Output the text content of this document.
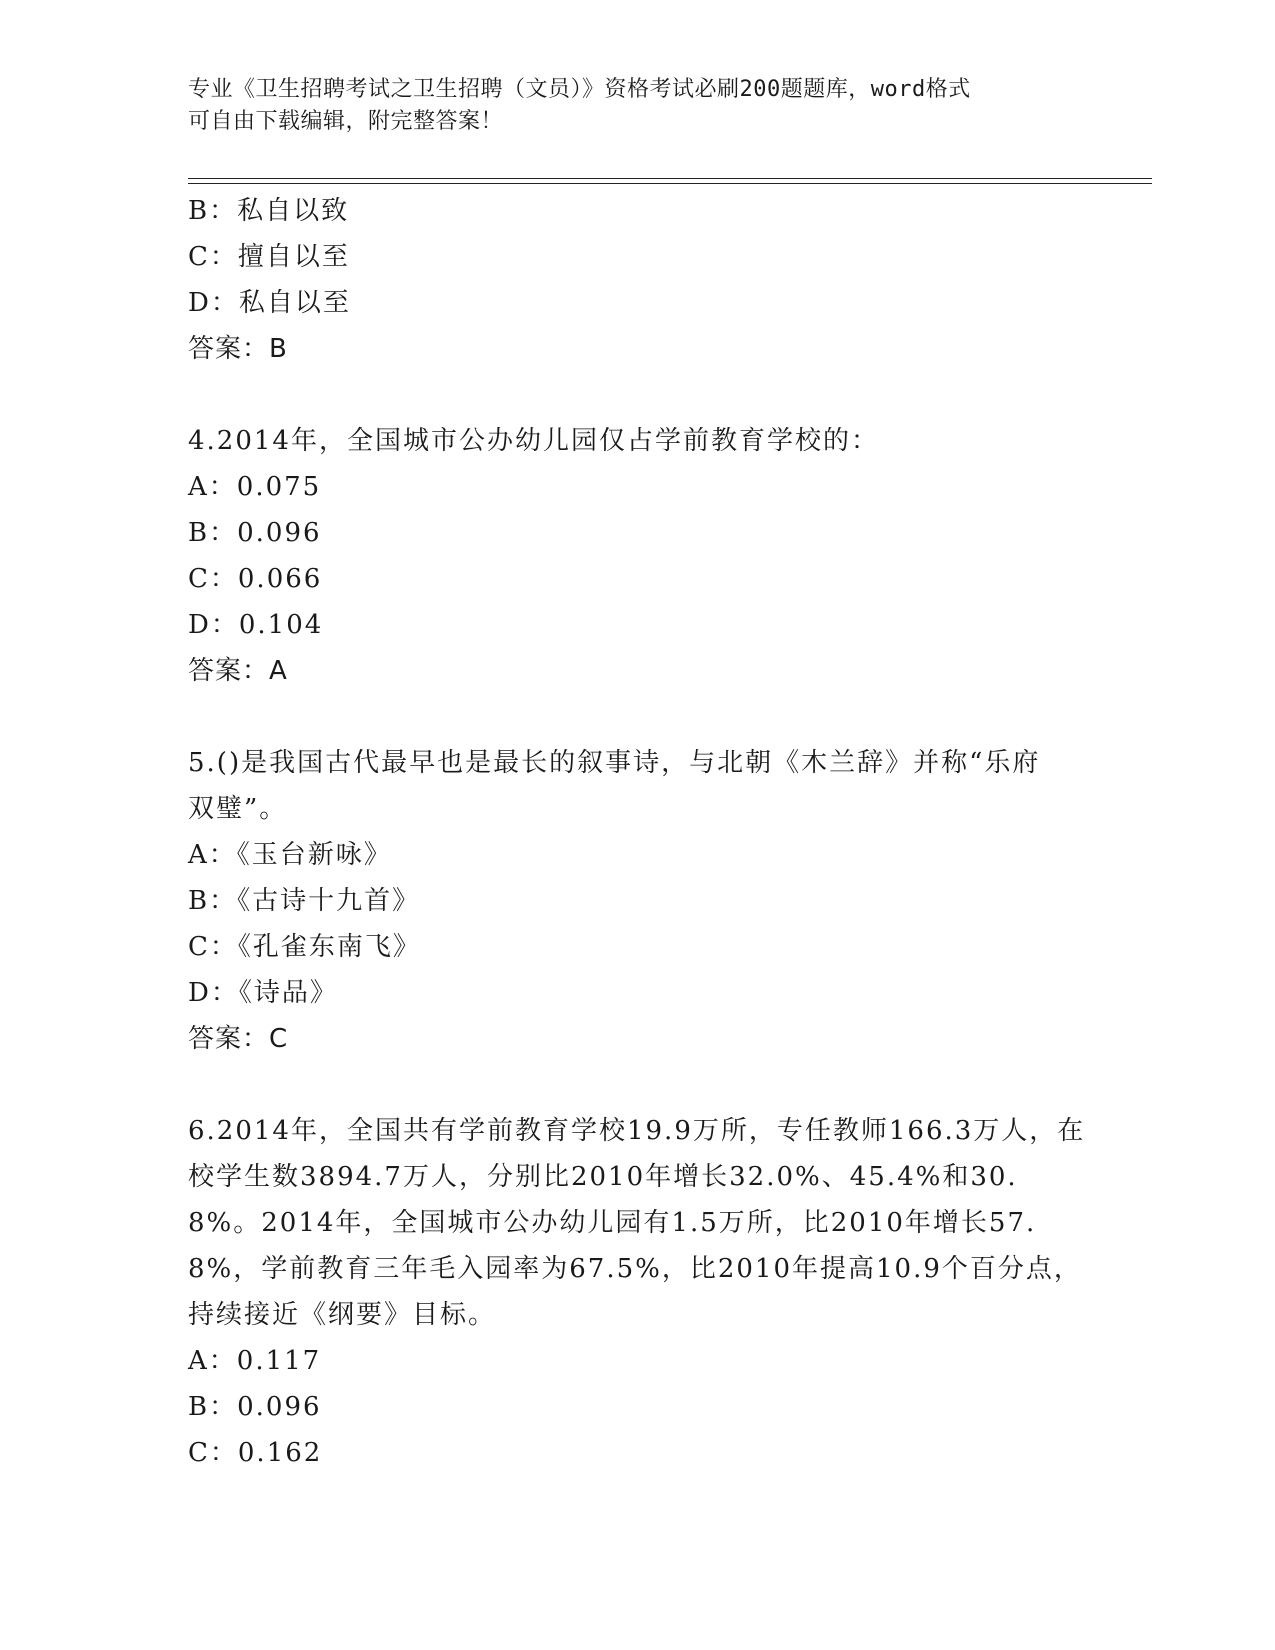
专业《卫生招聘考试之卫生招聘（文员）》资格考试必刷200题题库，word格式
可自由下载编辑，附完整答案！
B：私自以致
C：擅自以至
D：私自以至
答案：B
4.2014年，全国城市公办幼儿园仅占学前教育学校的：
A：0.075
B：0.096
C：0.066
D：0.104
答案：A
5.()是我国古代最早也是最长的叙事诗，与北朝《木兰辞》并称“乐府双璧”。
A：《玉台新咏》
B：《古诗十九首》
C：《孔雀东南飞》
D：《诗品》
答案：C
6.2014年，全国共有学前教育学校19.9万所，专任教师166.3万人，在校学生数3894.7万人，分别比2010年增长32.0%、45.4%和30.8%。2014年，全国城市公办幼儿园有1.5万所，比2010年增长57.8%，学前教育三年毛入园率为67.5%，比2010年提高10.9个百分点，持续接近《纲要》目标。
A：0.117
B：0.096
C：0.162
